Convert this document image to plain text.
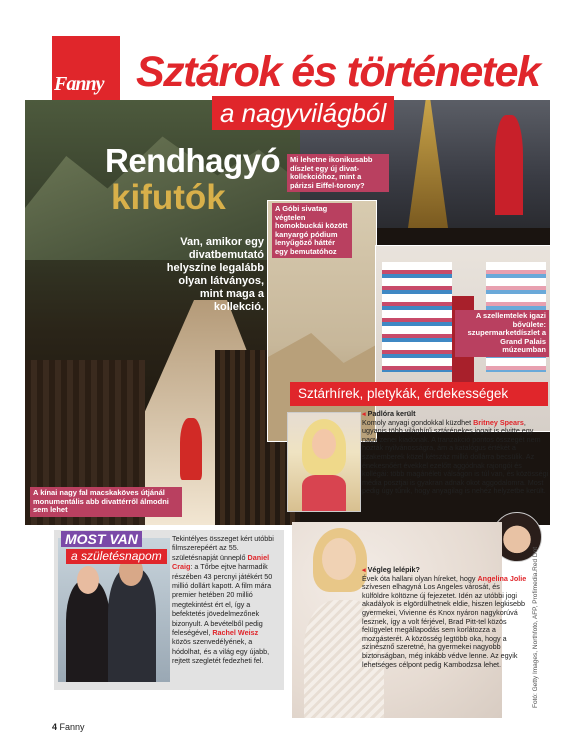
Fanny Sztárok és történetek
a nagyvilágból
Rendhagyó
kifutók
Van, amikor egy divatbemutató helyszíne legalább olyan látványos, mint maga a kollekció.
Mi lehetne ikonikusabb díszlet egy új divat-kollekcióhoz, mint a párizsi Eiffel-torony?
A Góbi sivatag végtelen homokbuckái között kanyargó pódium lenyűgöző háttér egy bemutatóhoz
A szellemtelek igazi bővülete: szupermarketdíszlet a Grand Palais múzeumban
A kínai nagy fal macskaköves útjánál monumentális abb divattérről álmodni sem lehet
Sztárhírek, pletykák, érdekességek
◂ Padlóra került
Komoly anyagi gondokkal küzdhet Britney Spears, ugyanis több világhírű sztárénekes jogait is elvitte egy nagy zenei kiadónak. A tranzakció pontos összegét nem hozták nyilvánosságra, ám a katalógus értékét a szakemberek közel kétszáz millió dollárra becsülik. Az énekesnőért évekkel ezelőtt aggódnak rajongói és kollégái: több magánéleti válságon is túl van, és közösségi média posztjai is gyakran adnak okot aggodalomra. Most pedig úgy tűnik, hogy anyagilag is nehéz helyzetbe került.
◂ Végleg lelépik?
Évek óta hallani olyan híreket, hogy Angelina Jolie szívesen elhagyná Los Angeles városát, és külföldre költözne új fejezetet. Idén az utóbbi jogi akadályok is elgördülhetnek eldie, hiszen legkisebb gyermekei, Vivienne és Knox nyáron nagykorúvá lesznek, így a volt férjével, Brad Pitt-tel közös felügyelet megállapodás sem korlátozza a mozgásterét. A közösség legtöbb oka, hogy a színésznő szeretné, ha gyermekei nagyobb biztonságban, még inkább védve lenne. Az egyik lehetséges célpont pedig Kambodzsa lehet.	Fotó: Getty Images, Northfoto, AFP, Profimedia.Red Dot
MOST VAN
a születésnapom
Tekintélyes összeget kért utóbbi filmszerepéért az 55. születésnapját ünneplő Daniel Craig: a Tőrbe ejtve harmadik részében 43 percnyi játékért 50 millió dollárt kapott. A film mára premier hetében 20 millió megtekintést ért el, így a befektetés jövedelmezőnek bizonyult. A bevételből pedig feleségével, Rachel Weisz közös szenvedélyének, a hódolhat, és a világ egy újabb, rejtett szegletét fedezheti fel.
4 Fanny
